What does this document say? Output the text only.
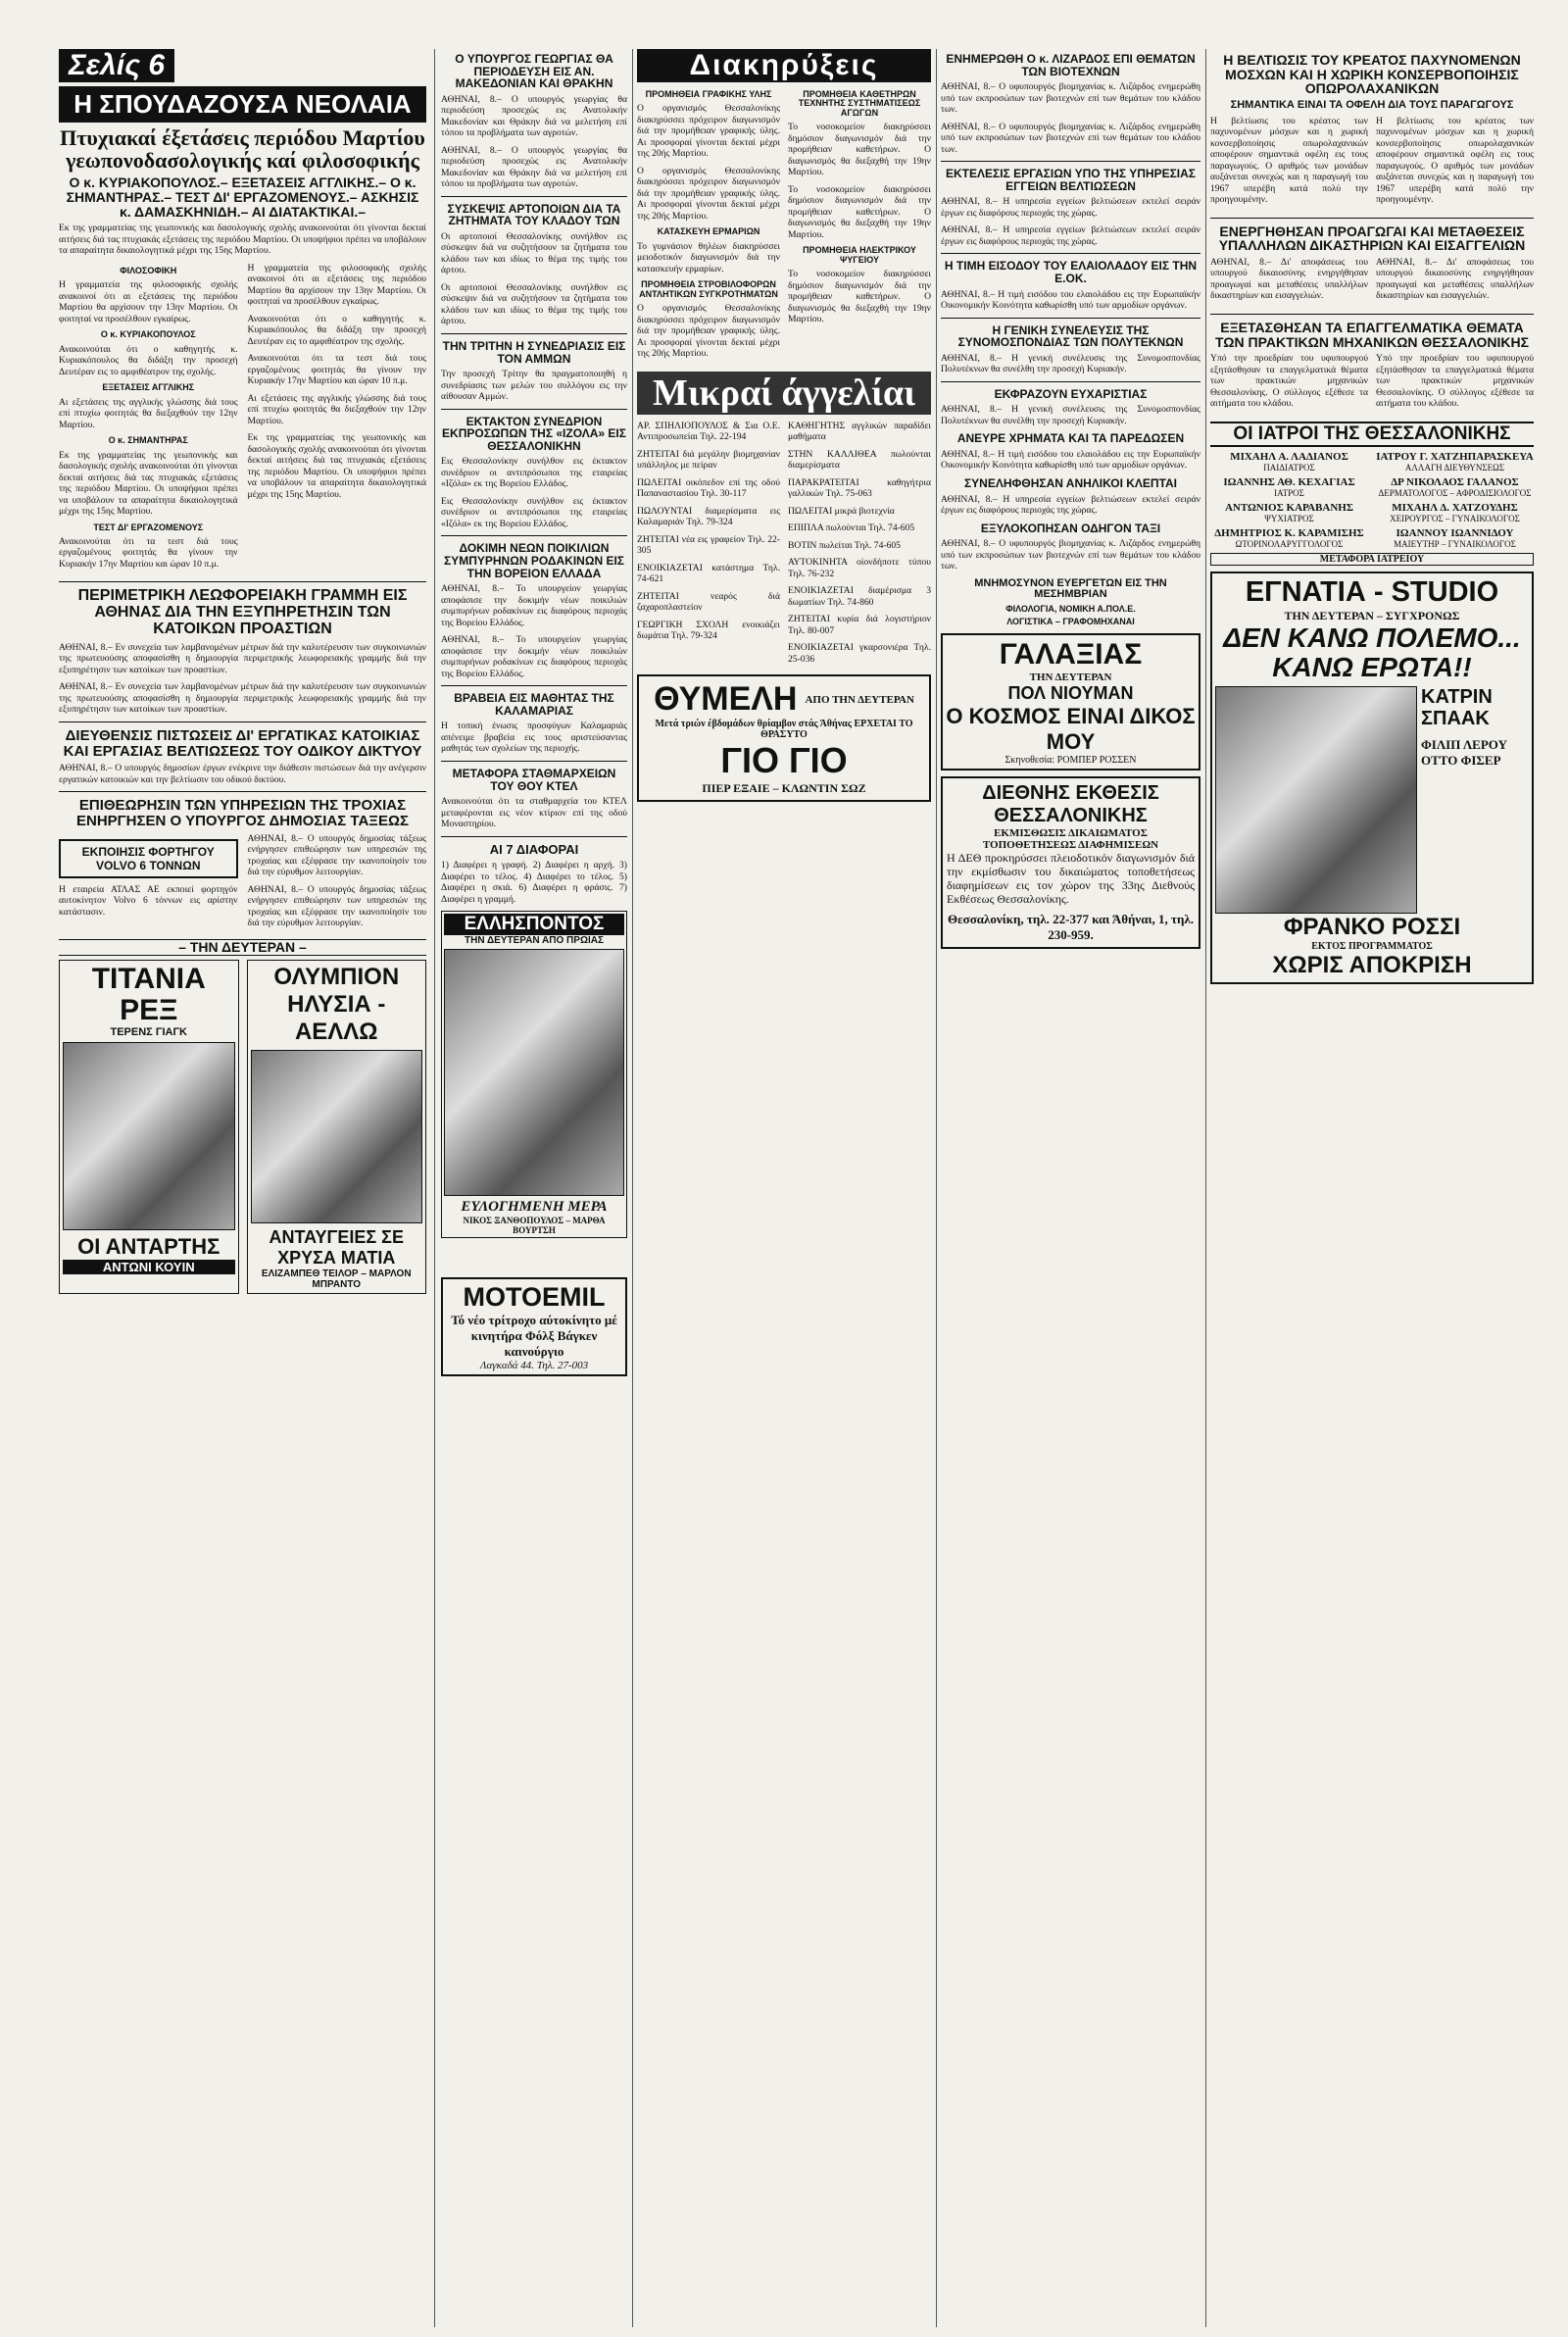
Σελίς 6
Η ΣΠΟΥΔΑΖΟΥΣΑ ΝΕΟΛΑΙΑ
Πτυχιακαί έξετάσεις περιόδου Μαρτίου γεωπονοδασολογικής καί φιλοσοφικής
Ο κ. ΚΥΡΙΑΚΟΠΟΥΛΟΣ.– ΕΞΕΤΑΣΕΙΣ ΑΓΓΛΙΚΗΣ.– Ο κ. ΣΗΜΑΝΤΗΡΑΣ.– ΤΕΣΤ ΔΙ' ΕΡΓΑΖΟΜΕΝΟΥΣ.– ΑΣΚΗΣΙΣ κ. ΔΑΜΑΣΚΗΝΙΔΗ.– ΑΙ ΔΙΑΤΑΚΤΙΚΑΙ.–

Εκ της γραμματείας της γεωπονικής και δασολογικής σχολής ανακοινούται ότι γίνονται δεκταί αιτήσεις διά τας πτυχιακάς εξετάσεις της περιόδου Μαρτίου. Οι υποψήφιοι πρέπει να υποβάλουν τα απαραίτητα δικαιολογητικά μέχρι της 15ης Μαρτίου.

ΦΙΛΟΣΟΦΙΚΗ

Η γραμματεία της φιλοσοφικής σχολής ανακοινοί ότι αι εξετάσεις της περιόδου Μαρτίου θα αρχίσουν την 13ην Μαρτίου. Οι φοιτηταί να προσέλθουν εγκαίρως.

Ο κ. ΚΥΡΙΑΚΟΠΟΥΛΟΣ

Ανακοινούται ότι ο καθηγητής κ. Κυριακόπουλος θα διδάξη την προσεχή Δευτέραν εις το αμφιθέατρον της σχολής.

ΕΞΕΤΑΣΕΙΣ ΑΓΓΛΙΚΗΣ

Αι εξετάσεις της αγγλικής γλώσσης διά τους επί πτυχίω φοιτητάς θα διεξαχθούν την 12ην Μαρτίου.

Ο κ. ΣΗΜΑΝΤΗΡΑΣ

Εκ της γραμματείας της γεωπονικής και δασολογικής σχολής ανακοινούται ότι γίνονται δεκταί αιτήσεις διά τας πτυχιακάς εξετάσεις της περιόδου Μαρτίου. Οι υποψήφιοι πρέπει να υποβάλουν τα απαραίτητα δικαιολογητικά μέχρι της 15ης Μαρτίου.

ΤΕΣΤ ΔΙ' ΕΡΓΑΖΟΜΕΝΟΥΣ

Ανακοινούται ότι τα τεστ διά τους εργαζομένους φοιτητάς θα γίνουν την Κυριακήν 17ην Μαρτίου και ώραν 10 π.μ.

Η γραμματεία της φιλοσοφικής σχολής ανακοινοί ότι αι εξετάσεις της περιόδου Μαρτίου θα αρχίσουν την 13ην Μαρτίου. Οι φοιτηταί να προσέλθουν εγκαίρως.

Ανακοινούται ότι ο καθηγητής κ. Κυριακόπουλος θα διδάξη την προσεχή Δευτέραν εις το αμφιθέατρον της σχολής.

Ανακοινούται ότι τα τεστ διά τους εργαζομένους φοιτητάς θα γίνουν την Κυριακήν 17ην Μαρτίου και ώραν 10 π.μ.

Αι εξετάσεις της αγγλικής γλώσσης διά τους επί πτυχίω φοιτητάς θα διεξαχθούν την 12ην Μαρτίου.

Εκ της γραμματείας της γεωπονικής και δασολογικής σχολής ανακοινούται ότι γίνονται δεκταί αιτήσεις διά τας πτυχιακάς εξετάσεις της περιόδου Μαρτίου. Οι υποψήφιοι πρέπει να υποβάλουν τα απαραίτητα δικαιολογητικά μέχρι της 15ης Μαρτίου.

ΠΕΡΙΜΕΤΡΙΚΗ ΛΕΩΦΟΡΕΙΑΚΗ ΓΡΑΜΜΗ ΕΙΣ ΑΘΗΝΑΣ ΔΙΑ ΤΗΝ ΕΞΥΠΗΡΕΤΗΣΙΝ ΤΩΝ ΚΑΤΟΙΚΩΝ ΠΡΟΑΣΤΙΩΝ

ΑΘΗΝΑΙ, 8.– Εν συνεχεία των λαμβανομένων μέτρων διά την καλυτέρευσιν των συγκοινωνιών της πρωτευούσης αποφασίσθη η δημιουργία περιμετρικής λεωφορειακής γραμμής διά την εξυπηρέτησιν των κατοίκων των προαστίων.

ΑΘΗΝΑΙ, 8.– Εν συνεχεία των λαμβανομένων μέτρων διά την καλυτέρευσιν των συγκοινωνιών της πρωτευούσης αποφασίσθη η δημιουργία περιμετρικής λεωφορειακής γραμμής διά την εξυπηρέτησιν των κατοίκων των προαστίων.

ΔΙΕΥΘΕΝΣΙΣ ΠΙΣΤΩΣΕΙΣ ΔΙ' ΕΡΓΑΤΙΚΑΣ ΚΑΤΟΙΚΙΑΣ ΚΑΙ ΕΡΓΑΣΙΑΣ ΒΕΛΤΙΩΣΕΩΣ ΤΟΥ ΟΔΙΚΟΥ ΔΙΚΤΥΟΥ

ΑΘΗΝΑΙ, 8.– Ο υπουργός δημοσίων έργων ενέκρινε την διάθεσιν πιστώσεων διά την ανέγερσιν εργατικών κατοικιών και την βελτίωσιν του οδικού δικτύου.

ΕΠΙΘΕΩΡΗΣΙΝ ΤΩΝ ΥΠΗΡΕΣΙΩΝ ΤΗΣ ΤΡΟΧΙΑΣ ΕΝΗΡΓΗΣΕΝ Ο ΥΠΟΥΡΓΟΣ ΔΗΜΟΣΙΑΣ ΤΑΞΕΩΣ
ΕΚΠΟΙΗΣΙΣ ΦΟΡΤΗΓΟΥ VOLVO 6 ΤΟΝΝΩΝ

Η εταιρεία ΑΤΛΑΣ ΑΕ εκποιεί φορτηγόν αυτοκίνητον Volvo 6 τόννων εις αρίστην κατάστασιν.

ΑΘΗΝΑΙ, 8.– Ο υπουργός δημοσίας τάξεως ενήργησεν επιθεώρησιν των υπηρεσιών της τροχαίας και εξέφρασε την ικανοποίησίν του διά την εύρυθμον λειτουργίαν.

ΑΘΗΝΑΙ, 8.– Ο υπουργός δημοσίας τάξεως ενήργησεν επιθεώρησιν των υπηρεσιών της τροχαίας και εξέφρασε την ικανοποίησίν του διά την εύρυθμον λειτουργίαν.

– ΤΗΝ ΔΕΥΤΕΡΑΝ –
ΤΙΤΑΝΙΑ ΡΕΞ
ΤΕΡΕΝΣ ΓΙΑΓΚ
ΟΙ ΑΝΤΑΡΤΗΣ
ΑΝΤΩΝΙ ΚΟΥΙΝ
ΟΛΥΜΠΙΟΝ ΗΛΥΣΙΑ - ΑΕΛΛΩ
ΑΝΤΑΥΓΕΙΕΣ ΣΕ ΧΡΥΣΑ ΜΑΤΙΑ
ΕΛΙΖΑΜΠΕΘ ΤΕΙΛΟΡ – ΜΑΡΛΟΝ ΜΠΡΑΝΤΟ
Ο ΥΠΟΥΡΓΟΣ ΓΕΩΡΓΙΑΣ ΘΑ ΠΕΡΙΟΔΕΥΣΗ ΕΙΣ ΑΝ. ΜΑΚΕΔΟΝΙΑΝ ΚΑΙ ΘΡΑΚΗΝ

ΑΘΗΝΑΙ, 8.– Ο υπουργός γεωργίας θα περιοδεύση προσεχώς εις Ανατολικήν Μακεδονίαν και Θράκην διά να μελετήση επί τόπου τα προβλήματα των αγροτών.

ΑΘΗΝΑΙ, 8.– Ο υπουργός γεωργίας θα περιοδεύση προσεχώς εις Ανατολικήν Μακεδονίαν και Θράκην διά να μελετήση επί τόπου τα προβλήματα των αγροτών.

ΣΥΣΚΕΨΙΣ ΑΡΤΟΠΟΙΩΝ ΔΙΑ ΤΑ ΖΗΤΗΜΑΤΑ ΤΟΥ ΚΛΑΔΟΥ ΤΩΝ

Οι αρτοποιοί Θεσσαλονίκης συνήλθον εις σύσκεψιν διά να συζητήσουν τα ζητήματα του κλάδου των και ιδίως το θέμα της τιμής του άρτου.

Οι αρτοποιοί Θεσσαλονίκης συνήλθον εις σύσκεψιν διά να συζητήσουν τα ζητήματα του κλάδου των και ιδίως το θέμα της τιμής του άρτου.

ΤΗΝ ΤΡΙΤΗΝ Η ΣΥΝΕΔΡΙΑΣΙΣ ΕΙΣ ΤΟΝ ΑΜΜΩΝ

Την προσεχή Τρίτην θα πραγματοποιηθή η συνεδρίασις των μελών του συλλόγου εις την αίθουσαν Αμμών.

ΕΚΤΑΚΤΟΝ ΣΥΝΕΔΡΙΟΝ ΕΚΠΡΟΣΩΠΩΝ ΤΗΣ «ΙΖΟΛΑ» ΕΙΣ ΘΕΣΣΑΛΟΝΙΚΗΝ

Εις Θεσσαλονίκην συνήλθον εις έκτακτον συνέδριον οι αντιπρόσωποι της εταιρείας «Ιζόλα» εκ της Βορείου Ελλάδος.

Εις Θεσσαλονίκην συνήλθον εις έκτακτον συνέδριον οι αντιπρόσωποι της εταιρείας «Ιζόλα» εκ της Βορείου Ελλάδος.

ΔΟΚΙΜΗ ΝΕΩΝ ΠΟΙΚΙΛΙΩΝ ΣΥΜΠΥΡΗΝΩΝ ΡΟΔΑΚΙΝΩΝ ΕΙΣ ΤΗΝ ΒΟΡΕΙΟΝ ΕΛΛΑΔΑ

ΑΘΗΝΑΙ, 8.– Το υπουργείον γεωργίας αποφάσισε την δοκιμήν νέων ποικιλιών συμπυρήνων ροδακίνων εις διαφόρους περιοχάς της Βορείου Ελλάδος.

ΑΘΗΝΑΙ, 8.– Το υπουργείον γεωργίας αποφάσισε την δοκιμήν νέων ποικιλιών συμπυρήνων ροδακίνων εις διαφόρους περιοχάς της Βορείου Ελλάδος.

ΒΡΑΒΕΙΑ ΕΙΣ ΜΑΘΗΤΑΣ ΤΗΣ ΚΑΛΑΜΑΡΙΑΣ

Η τοπική ένωσις προσφύγων Καλαμαριάς απένειμε βραβεία εις τους αριστεύσαντας μαθητάς των σχολείων της περιοχής.

ΜΕΤΑΦΟΡΑ ΣΤΑΘΜΑΡΧΕΙΩΝ ΤΟΥ ΘΟΥ ΚΤΕΛ

Ανακοινούται ότι τα σταθμαρχεία του ΚΤΕΛ μεταφέρονται εις νέον κτίριον επί της οδού Μοναστηρίου.

ΑΙ 7 ΔΙΑΦΟΡΑΙ

1) Διαφέρει η γραφή. 2) Διαφέρει η αρχή. 3) Διαφέρει το τέλος. 4) Διαφέρει το τέλος. 5) Διαφέρει η σκιά. 6) Διαφέρει η φράσις. 7) Διαφέρει η γραμμή.

ΕΛΛΗΣΠΟΝΤΟΣ
ΤΗΝ ΔΕΥΤΕΡΑΝ ΑΠΟ ΠΡΩΙΑΣ
ΕΥΛΟΓΗΜΕΝΗ ΜΕΡΑ
ΝΙΚΟΣ ΞΑΝΘΟΠΟΥΛΟΣ – ΜΑΡΘΑ ΒΟΥΡΤΣΗ
ΜΟΤΟΕΜΙL
Τό νέο τρίτροχο αύτοκίνητο μέ κινητήρα Φόλξ Βάγκεν καινούργιο
Λαγκαδά 44. Τηλ. 27-003
Διακηρύξεις
ΠΡΟΜΗΘΕΙΑ ΓΡΑΦΙΚΗΣ ΥΛΗΣ

Ο οργανισμός Θεσσαλονίκης διακηρύσσει πρόχειρον διαγωνισμόν διά την προμήθειαν γραφικής ύλης. Αι προσφοραί γίνονται δεκταί μέχρι της 20ής Μαρτίου.

Ο οργανισμός Θεσσαλονίκης διακηρύσσει πρόχειρον διαγωνισμόν διά την προμήθειαν γραφικής ύλης. Αι προσφοραί γίνονται δεκταί μέχρι της 20ής Μαρτίου.

ΚΑΤΑΣΚΕΥΗ ΕΡΜΑΡΙΩΝ

Το γυμνάσιον θηλέων διακηρύσσει μειοδοτικόν διαγωνισμόν διά την κατασκευήν ερμαρίων.

ΠΡΟΜΗΘΕΙΑ ΣΤΡΟΒΙΛΟΦΟΡΩΝ ΑΝΤΛΗΤΙΚΩΝ ΣΥΓΚΡΟΤΗΜΑΤΩΝ

Ο οργανισμός Θεσσαλονίκης διακηρύσσει πρόχειρον διαγωνισμόν διά την προμήθειαν γραφικής ύλης. Αι προσφοραί γίνονται δεκταί μέχρι της 20ής Μαρτίου.

ΠΡΟΜΗΘΕΙΑ ΚΑΘΕΤΗΡΩΝ ΤΕΧΝΗΤΗΣ ΣΥΣΤΗΜΑΤΙΣΕΩΣ ΑΓΩΓΩΝ

Το νοσοκομείον διακηρύσσει δημόσιον διαγωνισμόν διά την προμήθειαν καθετήρων. Ο διαγωνισμός θα διεξαχθή την 19ην Μαρτίου.

Το νοσοκομείον διακηρύσσει δημόσιον διαγωνισμόν διά την προμήθειαν καθετήρων. Ο διαγωνισμός θα διεξαχθή την 19ην Μαρτίου.

ΠΡΟΜΗΘΕΙΑ ΗΛΕΚΤΡΙΚΟΥ ΨΥΓΕΙΟΥ

Το νοσοκομείον διακηρύσσει δημόσιον διαγωνισμόν διά την προμήθειαν καθετήρων. Ο διαγωνισμός θα διεξαχθή την 19ην Μαρτίου.

Μικραί άγγελίαι

ΑΡ. ΣΠΗΛΙΟΠΟΥΛΟΣ & Σια Ο.Ε. Αντιπροσωπείαι Τηλ. 22-194

ΖΗΤΕΙΤΑΙ διά μεγάλην βιομηχανίαν υπάλληλος με πείραν

ΠΩΛΕΙΤΑΙ οικόπεδον επί της οδού Παπαναστασίου Τηλ. 30-117

ΠΩΛΟΥΝΤΑΙ διαμερίσματα εις Καλαμαριάν Τηλ. 79-324

ΖΗΤΕΙΤΑΙ νέα εις γραφείον Τηλ. 22-305

ΕΝΟΙΚΙΑΖΕΤΑΙ κατάστημα Τηλ. 74-621

ΖΗΤΕΙΤΑΙ νεαρός διά ζαχαροπλαστείον

ΓΕΩΡΓΙΚΗ ΣΧΟΛΗ ενοικιάζει δωμάτια Τηλ. 79-324

ΚΑΘΗΓΗΤΗΣ αγγλικών παραδίδει μαθήματα

ΣΤΗΝ ΚΑΛΛΙΘΕΑ πωλούνται διαμερίσματα

ΠΑΡΑΚΡΑΤΕΙΤΑΙ καθηγήτρια γαλλικών Τηλ. 75-063

ΠΩΛΕΙΤΑΙ μικρά βιοτεχνία

ΕΠΙΠΛΑ πωλούνται Τηλ. 74-605

ΒΟΤΙΝ πωλείται Τηλ. 74-605

ΑΥΤΟΚΙΝΗΤΑ οίονδήποτε τύπου Τηλ. 76-232

ΕΝΟΙΚΙΑΖΕΤΑΙ διαμέρισμα 3 δωματίων Τηλ. 74-860

ΖΗΤΕΙΤΑΙ κυρία διά λογιστήριον Τηλ. 80-007

ΕΝΟΙΚΙΑΖΕΤΑΙ γκαρσονιέρα Τηλ. 25-036

ΘΥΜΕΛΗ ΑΠΟ ΤΗΝ ΔΕΥΤΕΡΑΝ
Μετά τριών έβδομάδων θρίαμβον στάς Άθήνας ΕΡΧΕΤΑΙ ΤΟ ΘΡΑΣΥΤΟ
ΓΙΟ ΓΙΟ
ΠΙΕΡ ΕΞΑΙΕ – ΚΛΩΝΤΙΝ ΣΩΖ
ΕΝΗΜΕΡΩΘΗ Ο κ. ΛΙΖΑΡΔΟΣ ΕΠΙ ΘΕΜΑΤΩΝ ΤΩΝ ΒΙΟΤΕΧΝΩΝ

ΑΘΗΝΑΙ, 8.– Ο υφυπουργός βιομηχανίας κ. Λιζάρδος ενημερώθη υπό των εκπροσώπων των βιοτεχνών επί των θεμάτων του κλάδου των.

ΑΘΗΝΑΙ, 8.– Ο υφυπουργός βιομηχανίας κ. Λιζάρδος ενημερώθη υπό των εκπροσώπων των βιοτεχνών επί των θεμάτων του κλάδου των.

ΕΚΤΕΛΕΣΙΣ ΕΡΓΑΣΙΩΝ ΥΠΟ ΤΗΣ ΥΠΗΡΕΣΙΑΣ ΕΓΓΕΙΩΝ ΒΕΛΤΙΩΣΕΩΝ

ΑΘΗΝΑΙ, 8.– Η υπηρεσία εγγείων βελτιώσεων εκτελεί σειράν έργων εις διαφόρους περιοχάς της χώρας.

ΑΘΗΝΑΙ, 8.– Η υπηρεσία εγγείων βελτιώσεων εκτελεί σειράν έργων εις διαφόρους περιοχάς της χώρας.

Η ΤΙΜΗ ΕΙΣΟΔΟΥ ΤΟΥ ΕΛΑΙΟΛΑΔΟΥ ΕΙΣ ΤΗΝ Ε.ΟΚ.

ΑΘΗΝΑΙ, 8.– Η τιμή εισόδου του ελαιολάδου εις την Ευρωπαϊκήν Οικονομικήν Κοινότητα καθωρίσθη υπό των αρμοδίων οργάνων.

Η ΓΕΝΙΚΗ ΣΥΝΕΛΕΥΣΙΣ ΤΗΣ ΣΥΝΟΜΟΣΠΟΝΔΙΑΣ ΤΩΝ ΠΟΛΥΤΕΚΝΩΝ

ΑΘΗΝΑΙ, 8.– Η γενική συνέλευσις της Συνομοσπονδίας Πολυτέκνων θα συνέλθη την προσεχή Κυριακήν.

ΕΚΦΡΑΖΟΥΝ ΕΥΧΑΡΙΣΤΙΑΣ

ΑΘΗΝΑΙ, 8.– Η γενική συνέλευσις της Συνομοσπονδίας Πολυτέκνων θα συνέλθη την προσεχή Κυριακήν.

ΑΝΕΥΡΕ ΧΡΗΜΑΤΑ ΚΑΙ ΤΑ ΠΑΡΕΔΩΣΕΝ

ΑΘΗΝΑΙ, 8.– Η τιμή εισόδου του ελαιολάδου εις την Ευρωπαϊκήν Οικονομικήν Κοινότητα καθωρίσθη υπό των αρμοδίων οργάνων.

ΣΥΝΕΛΗΦΘΗΣΑΝ ΑΝΗΛΙΚΟΙ ΚΛΕΠΤΑΙ

ΑΘΗΝΑΙ, 8.– Η υπηρεσία εγγείων βελτιώσεων εκτελεί σειράν έργων εις διαφόρους περιοχάς της χώρας.

ΕΞΥΛΟΚΟΠΗΣΑΝ ΟΔΗΓΟΝ ΤΑΞΙ

ΑΘΗΝΑΙ, 8.– Ο υφυπουργός βιομηχανίας κ. Λιζάρδος ενημερώθη υπό των εκπροσώπων των βιοτεχνών επί των θεμάτων του κλάδου των.

ΜΝΗΜΟΣΥΝΟΝ ΕΥΕΡΓΕΤΩΝ ΕΙΣ ΤΗΝ ΜΕΣΗΜΒΡΙΑΝ
ΦΙΛΟΛΟΓΙΑ, ΝΟΜΙΚΗ Α.ΠΟΛ.Ε.
ΛΟΓΙΣΤΙΚΑ – ΓΡΑΦΟΜΗΧΑΝΑΙ
ΓΑΛΑΞΙΑΣ
ΤΗΝ ΔΕΥΤΕΡΑΝ
ΠΟΛ ΝΙΟΥΜΑΝ
Ο ΚΟΣΜΟΣ ΕΙΝΑΙ ΔΙΚΟΣ ΜΟΥ
Σκηνοθεσία: ΡΟΜΠΕΡ ΡΟΣΣΕΝ
ΔΙΕΘΝΗΣ ΕΚΘΕΣΙΣ ΘΕΣΣΑΛΟΝΙΚΗΣ
ΕΚΜΙΣΘΩΣΙΣ ΔΙΚΑΙΩΜΑΤΟΣ ΤΟΠΟΘΕΤΗΣΕΩΣ ΔΙΑΦΗΜΙΣΕΩΝ

Η ΔΕΘ προκηρύσσει πλειοδοτικόν διαγωνισμόν διά την εκμίσθωσιν του δικαιώματος τοποθετήσεως διαφημίσεων εις τον χώρον της 33ης Διεθνούς Εκθέσεως Θεσσαλονίκης.

Θεσσαλονίκη, τηλ. 22-377 και Άθήναι, 1, τηλ. 230-959.
Η ΒΕΛΤΙΩΣΙΣ ΤΟΥ ΚΡΕΑΤΟΣ ΠΑΧΥΝΟΜΕΝΩΝ ΜΟΣΧΩΝ ΚΑΙ Η ΧΩΡΙΚΗ ΚΟΝΣΕΡΒΟΠΟΙΗΣΙΣ ΟΠΩΡΟΛΑΧΑΝΙΚΩΝ
ΣΗΜΑΝΤΙΚΑ ΕΙΝΑΙ ΤΑ ΟΦΕΛΗ ΔΙΑ ΤΟΥΣ ΠΑΡΑΓΩΓΟΥΣ

Η βελτίωσις του κρέατος των παχυνομένων μόσχων και η χωρική κονσερβοποίησις οπωρολαχανικών αποφέρουν σημαντικά οφέλη εις τους παραγωγούς. Ο αριθμός των μονάδων αυξάνεται συνεχώς και η παραγωγή του 1967 υπερέβη κατά πολύ την προηγουμένην.

Η βελτίωσις του κρέατος των παχυνομένων μόσχων και η χωρική κονσερβοποίησις οπωρολαχανικών αποφέρουν σημαντικά οφέλη εις τους παραγωγούς. Ο αριθμός των μονάδων αυξάνεται συνεχώς και η παραγωγή του 1967 υπερέβη κατά πολύ την προηγουμένην.

ΕΝΕΡΓΗΘΗΣΑΝ ΠΡΟΑΓΩΓΑΙ ΚΑΙ ΜΕΤΑΘΕΣΕΙΣ ΥΠΑΛΛΗΛΩΝ ΔΙΚΑΣΤΗΡΙΩΝ ΚΑΙ ΕΙΣΑΓΓΕΛΙΩΝ

ΑΘΗΝΑΙ, 8.– Δι' αποφάσεως του υπουργού δικαιοσύνης ενηργήθησαν προαγωγαί και μεταθέσεις υπαλλήλων δικαστηρίων και εισαγγελιών.

ΑΘΗΝΑΙ, 8.– Δι' αποφάσεως του υπουργού δικαιοσύνης ενηργήθησαν προαγωγαί και μεταθέσεις υπαλλήλων δικαστηρίων και εισαγγελιών.

ΕΞΕΤΑΣΘΗΣΑΝ ΤΑ ΕΠΑΓΓΕΛΜΑΤΙΚΑ ΘΕΜΑΤΑ ΤΩΝ ΠΡΑΚΤΙΚΩΝ ΜΗΧΑΝΙΚΩΝ ΘΕΣΣΑΛΟΝΙΚΗΣ

Υπό την προεδρίαν του υφυπουργού εξητάσθησαν τα επαγγελματικά θέματα των πρακτικών μηχανικών Θεσσαλονίκης. Ο σύλλογος εξέθεσε τα αιτήματα του κλάδου.

Υπό την προεδρίαν του υφυπουργού εξητάσθησαν τα επαγγελματικά θέματα των πρακτικών μηχανικών Θεσσαλονίκης. Ο σύλλογος εξέθεσε τα αιτήματα του κλάδου.

ΟΙ ΙΑΤΡΟΙ ΤΗΣ ΘΕΣΣΑΛΟΝΙΚΗΣ
ΜΙΧΑΗΛ Α. ΛΑΔΙΑΝΟΣ
ΠΑΙΔΙΑΤΡΟΣ
ΙΑΤΡΟΥ Γ. ΧΑΤΖΗΠΑΡΑΣΚΕΥΑ
ΑΛΛΑΓΗ ΔΙΕΥΘΥΝΣΕΩΣ
ΙΩΑΝΝΗΣ ΑΘ. ΚΕΧΑΓΙΑΣ
ΙΑΤΡΟΣ
ΔΡ ΝΙΚΟΛΑΟΣ ΓΑΛΑΝΟΣ
ΔΕΡΜΑΤΟΛΟΓΟΣ – ΑΦΡΟΔΙΣΙΟΛΟΓΟΣ
ΑΝΤΩΝΙΟΣ ΚΑΡΑΒΑΝΗΣ
ΨΥΧΙΑΤΡΟΣ
ΜΙΧΑΗΛ Δ. ΧΑΤΖΟΥΔΗΣ
ΧΕΙΡΟΥΡΓΟΣ – ΓΥΝΑΙΚΟΛΟΓΟΣ
ΔΗΜΗΤΡΙΟΣ Κ. ΚΑΡΑΜΙΣΗΣ
ΩΤΟΡΙΝΟΛΑΡΥΓΓΟΛΟΓΟΣ
ΙΩΑΝΝΟΥ ΙΩΑΝΝΙΔΟΥ
ΜΑΙΕΥΤΗΡ – ΓΥΝΑΙΚΟΛΟΓΟΣ
ΜΕΤΑΦΟΡΑ ΙΑΤΡΕΙΟΥ
ΕΓΝΑΤΙΑ - STUDIO
ΤΗΝ ΔΕΥΤΕΡΑΝ – ΣΥΓΧΡΟΝΩΣ
ΔΕΝ ΚΑΝΩ ΠΟΛΕΜΟ... ΚΑΝΩ ΕΡΩΤΑ!!
ΚΑΤΡΙΝ ΣΠΑΑΚ
ΦΙΛΙΠ ΛΕΡΟΥ
ΟΤΤΟ ΦΙΣΕΡ
ΦΡΑΝΚΟ ΡΟΣΣΙ
ΕΚΤΟΣ ΠΡΟΓΡΑΜΜΑΤΟΣ
ΧΩΡΙΣ ΑΠΟΚΡΙΣΗ
